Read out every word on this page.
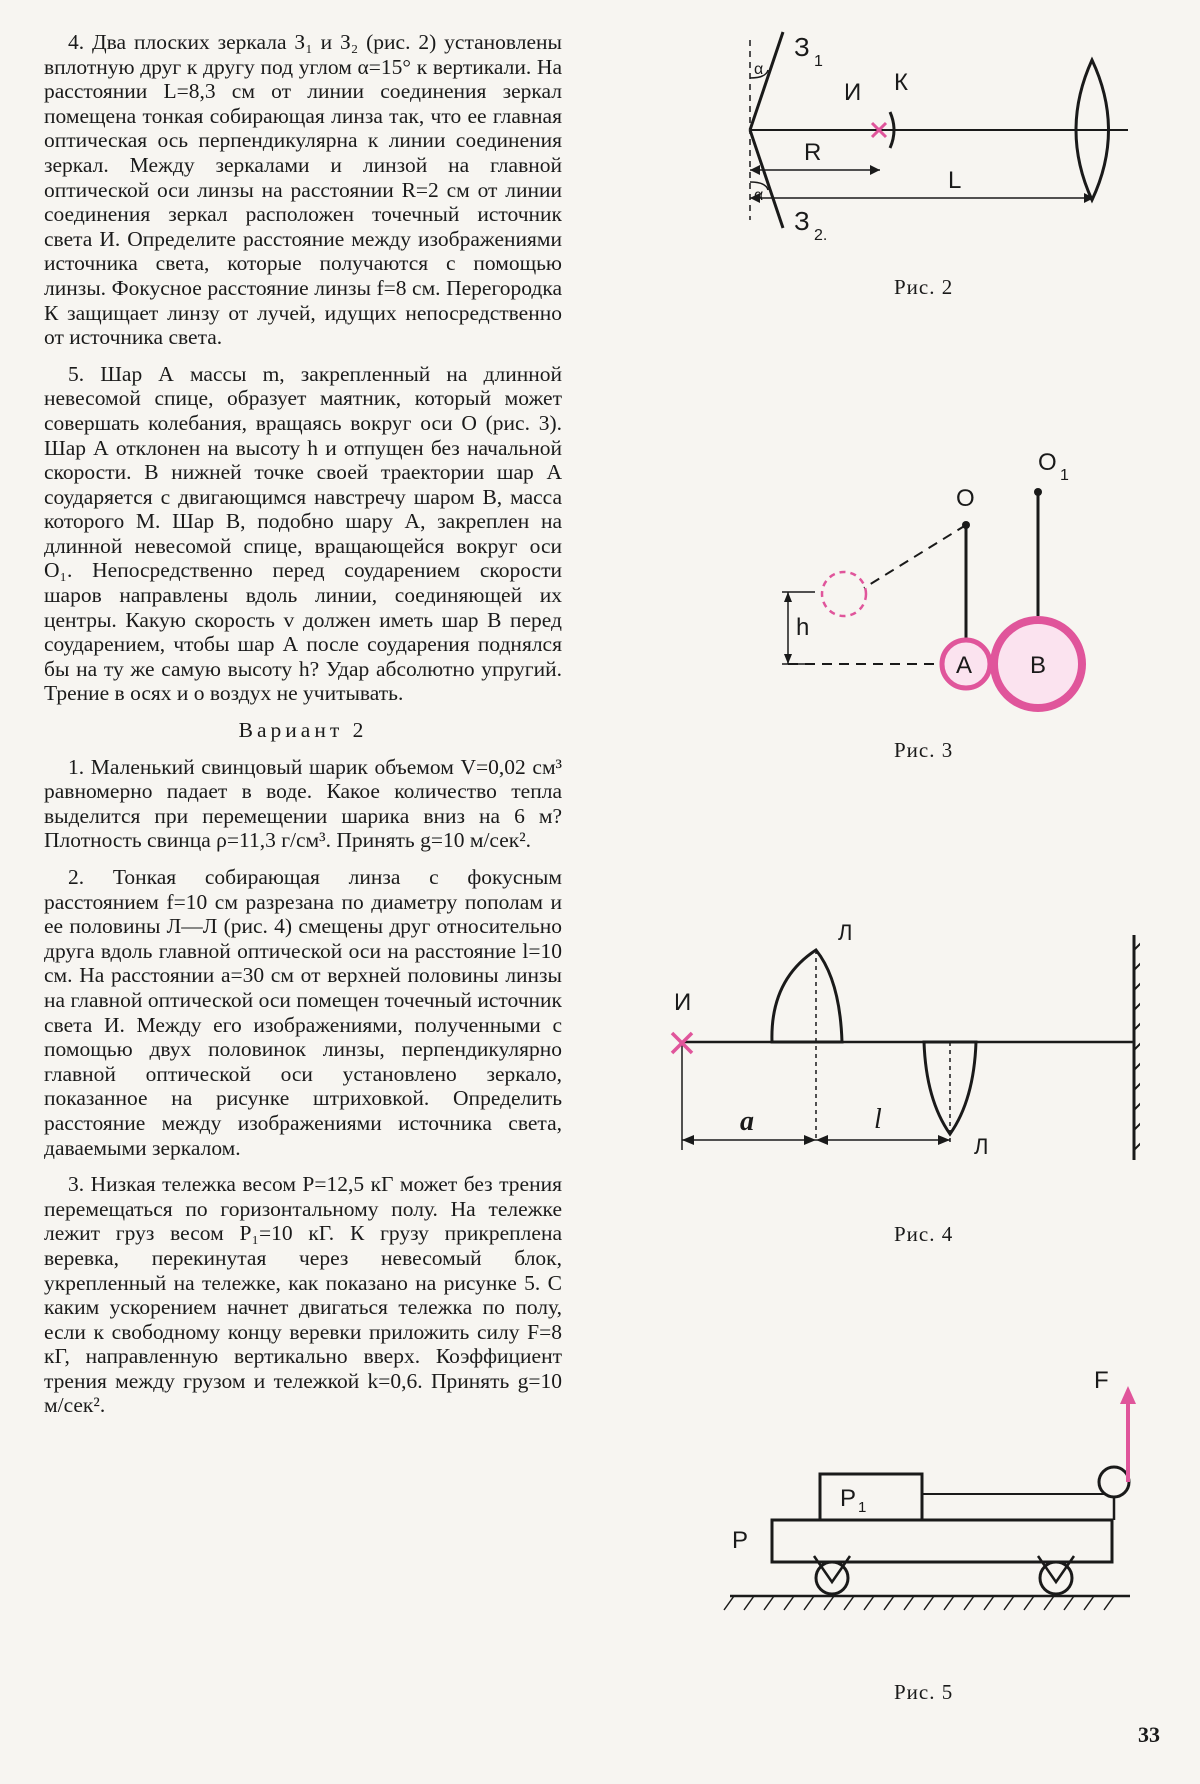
4. Два плоских зеркала З₁ и З₂ (рис. 2) установлены вплотную друг к другу под углом α=15° к вертикали. На расстоянии L=8,3 см от линии соединения зеркал помещена тонкая собирающая линза так, что ее главная оптическая ось перпендикулярна к линии соединения зеркал. Между зеркалами и линзой на главной оптической оси линзы на расстоянии R=2 см от линии соединения зеркал расположен точечный источник света И. Определите расстояние между изображениями источника света, которые получаются с помощью линзы. Фокусное расстояние линзы f=8 см. Перегородка К защищает линзу от лучей, идущих непосредственно от источника света.

5. Шар А массы m, закрепленный на длинной невесомой спице, образует маятник, который может совершать колебания, вращаясь вокруг оси О (рис. 3). Шар А отклонен на высоту h и отпущен без начальной скорости. В нижней точке своей траектории шар А соударяется с двигающимся навстречу шаром В, масса которого М. Шар В, подобно шару А, закреплен на длинной невесомой спице, вращающейся вокруг оси О₁. Непосредственно перед соударением скорости шаров направлены вдоль линии, соединяющей их центры. Какую скорость v должен иметь шар В перед соударением, чтобы шар А после соударения поднялся бы на ту же самую высоту h? Удар абсолютно упругий. Трение в осях и о воздух не учитывать.

Вариант 2

1. Маленький свинцовый шарик объемом V=0,02 см³ равномерно падает в воде. Какое количество тепла выделится при перемещении шарика вниз на 6 м? Плотность свинца ρ=11,3 г/см³. Принять g=10 м/сек².

2. Тонкая собирающая линза с фокусным расстоянием f=10 см разрезана по диаметру пополам и ее половины Л—Л (рис. 4) смещены друг относительно друга вдоль главной оптической оси на расстояние l=10 см. На расстоянии a=30 см от верхней половины линзы на главной оптической оси помещен точечный источник света И. Между его изображениями, полученными с помощью двух половинок линзы, перпендикулярно главной оптической оси установлено зеркало, показанное на рисунке штриховкой. Определить расстояние между изображениями источника света, даваемыми зеркалом.

3. Низкая тележка весом P=12,5 кГ может без трения перемещаться по горизонтальному полу. На тележке лежит груз весом P₁=10 кГ. К грузу прикреплена веревка, перекинутая через невесомый блок, укрепленный на тележке, как показано на рисунке 5. С каким ускорением начнет двигаться тележка по полу, если к свободному концу веревки приложить силу F=8 кГ, направленную вертикально вверх. Коэффициент трения между грузом и тележкой k=0,6. Принять g=10 м/сек².

З 1
З 2.
И К
R
L
α
α
Рис. 2
О
О 1
h
А В
Рис. 3
Л
Л
И
a	l
Рис. 4
F
P 1
P
Рис. 5
33
